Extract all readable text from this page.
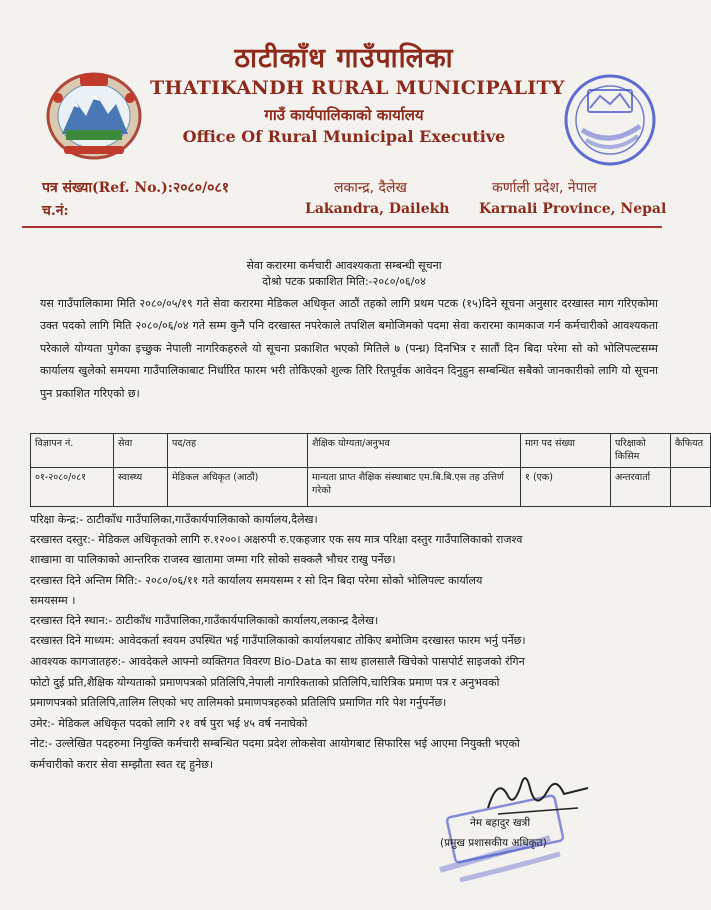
ठाटीकाँध गाउँपालिका
THATIKANDH RURAL MUNICIPALITY
गाउँ कार्यपालिकाको कार्यालय
Office Of Rural Municipal Executive
पत्र संख्या(Ref. No.):२०८०/०८१
च.नं:
लकान्द्र, दैलेख
Lakandra, Dailekh
कर्णाली प्रदेश, नेपाल
Karnali Province, Nepal
सेवा करारमा कर्मचारी आवश्यकता सम्बन्धी सूचना
दोश्रो पटक प्रकाशित मिति:-२०८०/०६/०४
यस गाउँपालिकामा मिति २०८०/०५/१९ गते सेवा करारमा मेडिकल अधिकृत आठौं तहको लागि प्रथम पटक (१५)दिने सूचना अनुसार दरखास्त माग गरिएकोमा उक्त पदको लागि मिति २०८०/०६/०४ गते सम्म कुनै पनि दरखास्त नपरेकाले तपशिल बमोजिमको पदमा सेवा करारमा कामकाज गर्न कर्मचारीको आवश्यकता परेकाले योग्यता पुगेका इच्छुक नेपाली नागरिकहरुले यो सूचना प्रकाशित भएको मितिले ७ (पन्ध्र) दिनभित्र र सातौं दिन बिदा परेमा सो को भोलिपल्टसम्म कार्यालय खुलेको समयमा गाउँपालिकाबाट निर्धारित फारम भरी तोकिएको शुल्क तिरि रितपूर्वक आवेदन दिनुहुन सम्बन्धित सबैको जानकारीको लागि यो सूचना पुन प्रकाशित गरिएको छ।
विज्ञापन नं.	सेवा	पद/तह	शैक्षिक योग्यता/अनुभव	माग पद संख्या	परिक्षाको किसिम	कैफियत
०१-२०८०/०८१	स्वास्थ्य	मेडिकल अधिकृत (आठौं)	मान्यता प्राप्त शैक्षिक संस्थाबाट एम.बि.बि.एस तह उत्तिर्ण गरेको	१ (एक)	अन्तरवार्ता	
परिक्षा केन्द्र:- ठाटीकाँध गाउँपालिका,गाउँकार्यपालिकाको कार्यालय,दैलेख।
दरखास्त दस्तुर:- मेडिकल अधिकृतको लागि रु.१२००। अक्षरुपी रु.एकहजार एक सय मात्र परिक्षा दस्तुर गाउँपालिकाको राजश्व
शाखामा वा पालिकाको आन्तरिक राजस्व खातामा जम्मा गरि सोको सक्कलै भौचर राखु पर्नेछ।
दरखास्त दिने अन्तिम मिति:- २०८०/०६/११ गते कार्यालय समयसम्म र सो दिन बिदा परेमा सोको भोलिपल्ट कार्यालय
समयसम्म ।
दरखास्त दिने स्थान:- ठाटीकाँध गाउँपालिका,गाउँकार्यपालिकाको कार्यालय,लकान्द्र दैलेख।
दरखास्त दिने माध्यम: आवेदकर्ता स्वयम उपस्थित भई गाउँपालिकाको कार्यालयबाट तोकिए बमोजिम दरखास्त फारम भर्नु पर्नेछ।
आवश्यक कागजातहरु:- आवदेकले आफ्नो व्यक्तिगत विवरण Bio-Data का साथ हालसालै खिचेको पासपोर्ट साइजको रंगिन
फोटो दुई प्रति,शैक्षिक योग्यताको प्रमाणपत्रको प्रतिलिपि,नेपाली नागरिकताको प्रतिलिपि,चारित्रिक प्रमाण पत्र र अनुभवको
प्रमाणपत्रको प्रतिलिपि,तालिम लिएको भए तालिमको प्रमाणपत्रहरुको प्रतिलिपि प्रमाणित गरि पेश गर्नुपर्नेछ।
उमेर:- मेडिकल अधिकृत पदको लागि २१ वर्ष पुरा भई ४५ वर्ष ननाघेको
नोट:- उल्लेखित पदहरुमा नियुक्ति कर्मचारी सम्बन्धित पदमा प्रदेश लोकसेवा आयोगबाट सिफारिस भई आएमा नियुक्ती भएको
कर्मचारीको करार सेवा सम्झौता स्वत रद्द हुनेछ।
नेम बहादुर खत्री
(प्रमुख प्रशासकीय अधिकृत)
